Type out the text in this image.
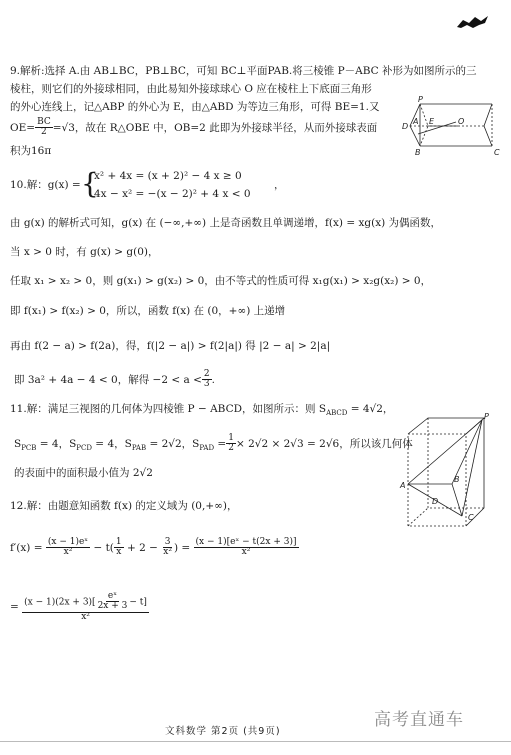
9.解析:选择 A.由 AB⊥BC，PB⊥BC，可知 BC⊥平面PAB.将三棱锥 P－ABC 补形为如图所示的三
棱柱，则它们的外接球相同，由此易知外接球球心 O 应在棱柱上下底面三角形
的外心连线上，记△ABP 的外心为 E，由△ABD 为等边三角形，可得 BE=1.又
$OE= \frac{BC}{2} =√3$，故在 R△OBE 中，OB=2 此即为外接球半径，从而外接球表面
积为16π
P
D
A E	O
B	C
10.解：g(x) = {
x² + 4x = (x + 2)² − 4 x ≥ 0
4x − x² = −(x − 2)² + 4 x < 0
，
由 g(x) 的解析式可知，g(x) 在 (−∞,+∞) 上是奇函数且单调递增，f(x) = xg(x) 为偶函数，
当 x > 0 时，有 g(x) > g(0)，
任取 x₁ > x₂ > 0，则 g(x₁) > g(x₂) > 0，由不等式的性质可得 x₁g(x₁) > x₂g(x₂) > 0，
即 f(x₁) > f(x₂) > 0，所以，函数 f(x) 在 (0，+∞) 上递增
再由 f(2 − a) > f(2a)，得，f(|2 − a|) > f(2|a|) 得 |2 − a| > 2|a|
即 3a² + 4a − 4 < 0，解得 $-2 < a < \frac{2}{3}$ .
11.解：满足三视图的几何体为四棱锥 P − ABCD，如图所示：则 $S_{ABCD} = 4√2$，
$S_{PCB} = 4$，$S_{PCD} = 4$，$S_{PAB} = 2√2$，$S_{PAD} = \frac{1}{2} \times 2√2 \times 2√3 = 2√6$，所以该几何体
的表面中的面积最小值为 2√2
P
A
B
C
D
12.解：由题意知函数 f(x) 的定义域为 (0,+∞)，
$f'(x) = \frac{\text{(x − 1)eˣ}}{\text{x²}} - t( \frac{1}{x} + 2 - \frac{3}{\text{x²}}$ ) = $\frac{\text{(x − 1)[eˣ − t(2x + 3)]}}{\text{x²}}$
= $\frac{(x - 1)(2x + 3)[ \frac{\text{eˣ}}{2x + 3} - t]}{\text{x²}}$
文科数学 第2页 (共9页)
高考直通车
